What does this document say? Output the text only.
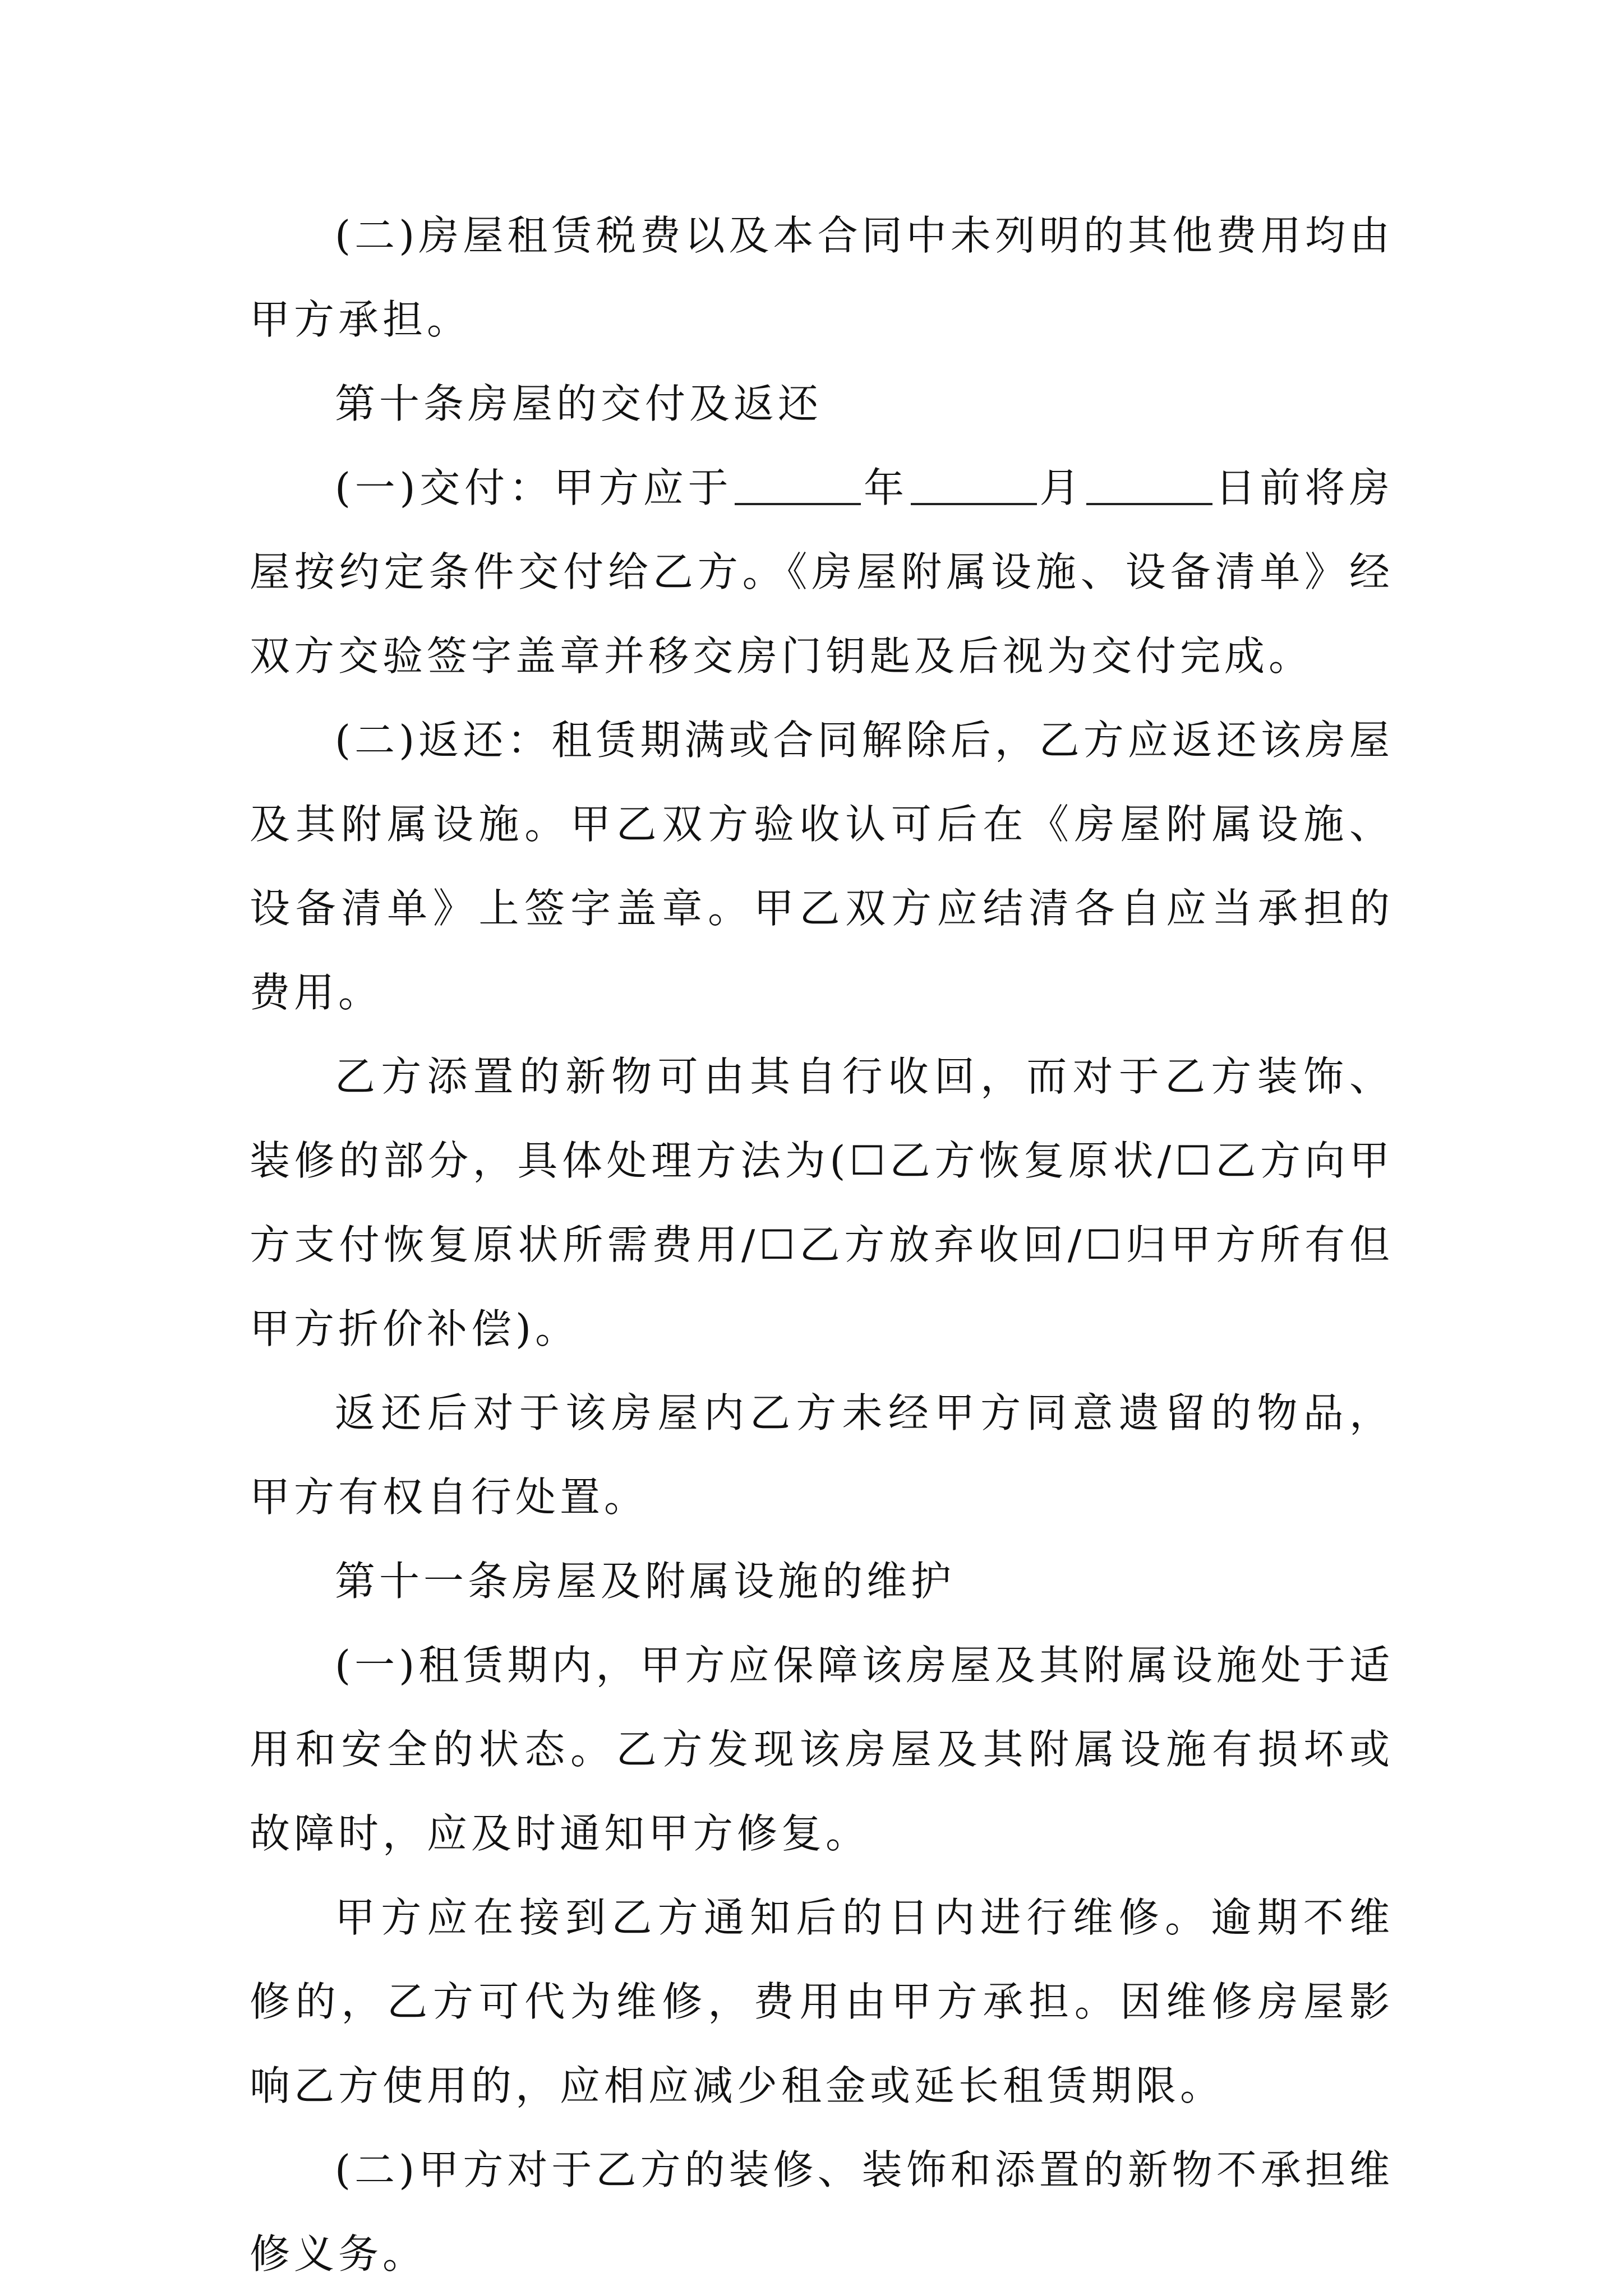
(二)房屋租赁税费以及本合同中未列明的其他费用均由甲方承担。

第十条房屋的交付及返还

(一)交付：甲方应于	年	月	日前将房屋按约定条件交付给乙方。《房屋附属设施、设备清单》经双方交验签字盖章并移交房门钥匙及后视为交付完成。

(二)返还：租赁期满或合同解除后，乙方应返还该房屋及其附属设施。甲乙双方验收认可后在《房屋附属设施、设备清单》上签字盖章。甲乙双方应结清各自应当承担的费用。

乙方添置的新物可由其自行收回，而对于乙方装饰、装修的部分，具体处理方法为(☐乙方恢复原状/☐乙方向甲方支付恢复原状所需费用/☐乙方放弃收回/☐归甲方所有但甲方折价补偿)。

返还后对于该房屋内乙方未经甲方同意遗留的物品，甲方有权自行处置。

第十一条房屋及附属设施的维护

(一)租赁期内，甲方应保障该房屋及其附属设施处于适用和安全的状态。乙方发现该房屋及其附属设施有损坏或故障时，应及时通知甲方修复。

甲方应在接到乙方通知后的日内进行维修。逾期不维修的，乙方可代为维修，费用由甲方承担。因维修房屋影响乙方使用的，应相应减少租金或延长租赁期限。

(二)甲方对于乙方的装修、装饰和添置的新物不承担维修义务。
